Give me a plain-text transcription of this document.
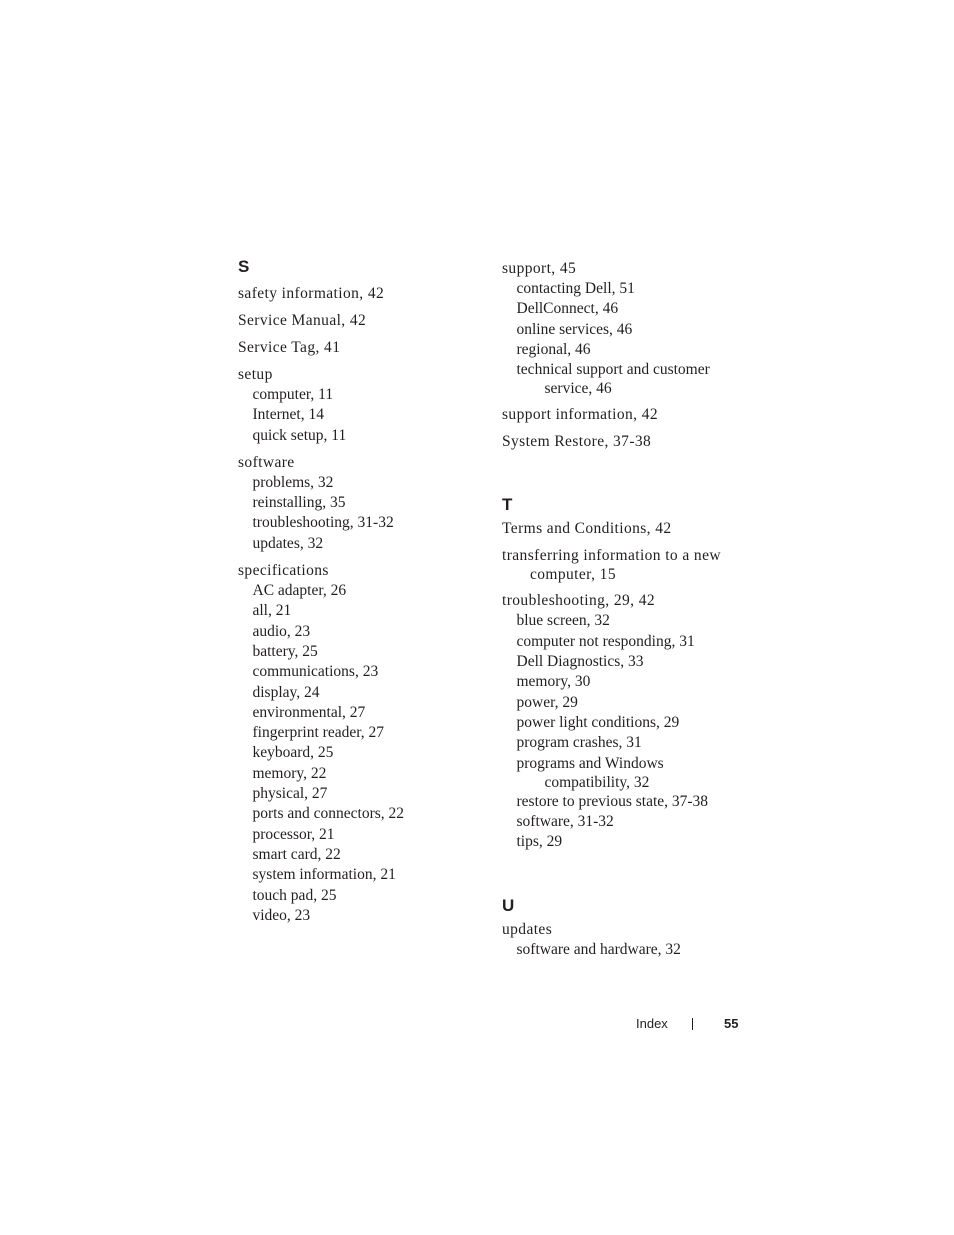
S
safety information, 42
Service Manual, 42
Service Tag, 41
setup
computer, 11
Internet, 14
quick setup, 11
software
problems, 32
reinstalling, 35
troubleshooting, 31-32
updates, 32
specifications
AC adapter, 26
all, 21
audio, 23
battery, 25
communications, 23
display, 24
environmental, 27
fingerprint reader, 27
keyboard, 25
memory, 22
physical, 27
ports and connectors, 22
processor, 21
smart card, 22
system information, 21
touch pad, 25
video, 23
support, 45
contacting Dell, 51
DellConnect, 46
online services, 46
regional, 46
technical support and customer
service, 46
support information, 42
System Restore, 37-38
T
Terms and Conditions, 42
transferring information to a new
computer, 15
troubleshooting, 29, 42
blue screen, 32
computer not responding, 31
Dell Diagnostics, 33
memory, 30
power, 29
power light conditions, 29
program crashes, 31
programs and Windows
compatibility, 32
restore to previous state, 37-38
software, 31-32
tips, 29
U
updates
software and hardware, 32
Index	55
